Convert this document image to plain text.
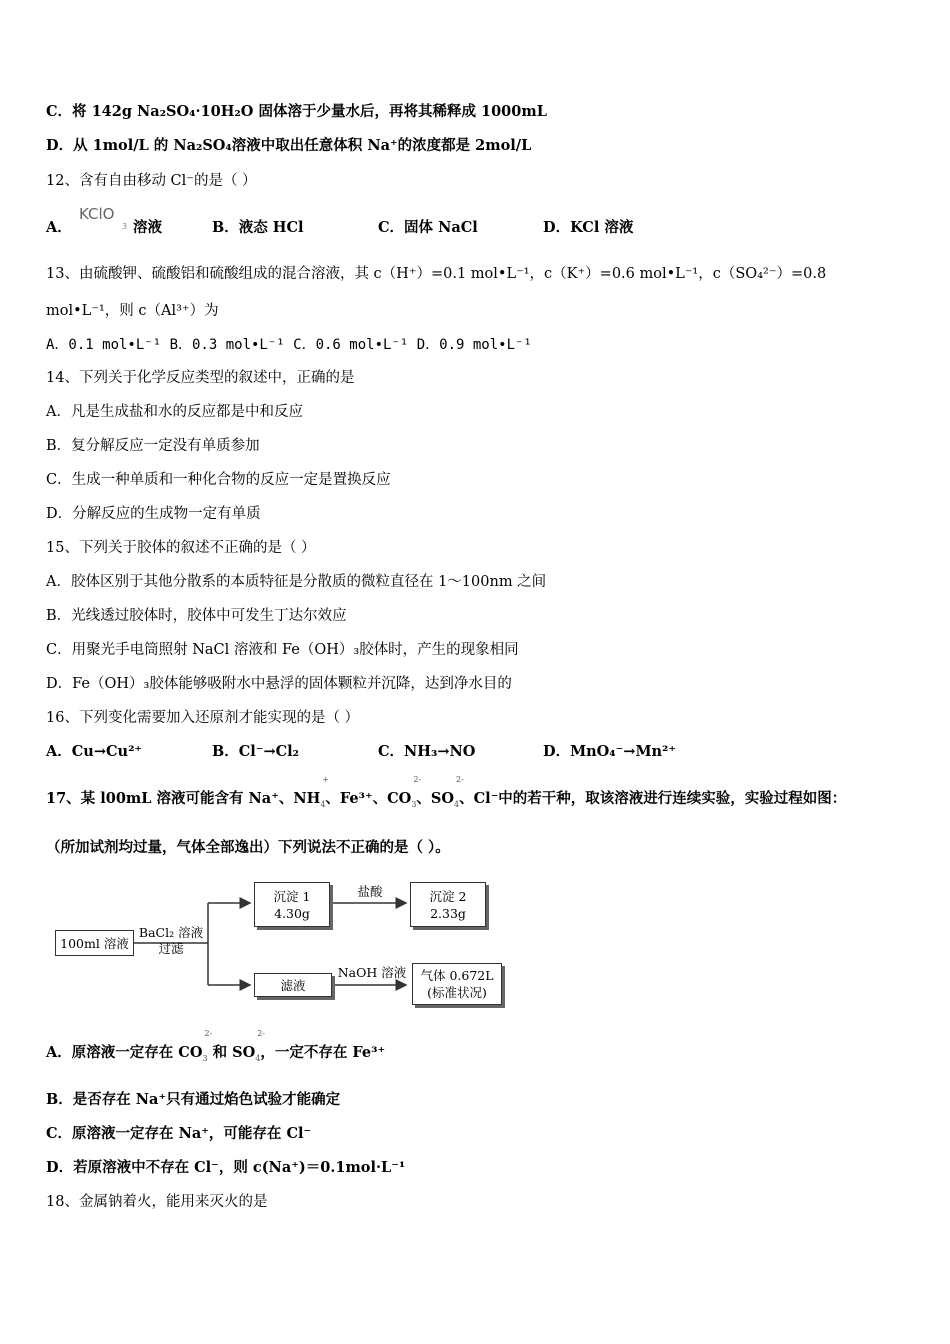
C．将 142g Na₂SO₄·10H₂O 固体溶于少量水后，再将其稀释成 1000mL
D．从 1mol/L 的 Na₂SO₄溶液中取出任意体积 Na⁺的浓度都是 2mol/L
12、含有自由移动 Cl⁻的是（ ）
A．
KClO
3 溶液	B．液态 HCl	C．固体 NaCl	D．KCl 溶液
13、由硫酸钾、硫酸铝和硫酸组成的混合溶液，其 c（H⁺）=0.1 mol•L⁻¹，c（K⁺）=0.6 mol•L⁻¹，c（SO₄²⁻）=0.8
mol•L⁻¹，则 c（Al³⁺）为
A．0.1 mol•L⁻¹ B．0.3 mol•L⁻¹ C．0.6 mol•L⁻¹ D．0.9 mol•L⁻¹
14、下列关于化学反应类型的叙述中，正确的是
A．凡是生成盐和水的反应都是中和反应
B．复分解反应一定没有单质参加
C．生成一种单质和一种化合物的反应一定是置换反应
D．分解反应的生成物一定有单质
15、下列关于胶体的叙述不正确的是（ ）
A．胶体区别于其他分散系的本质特征是分散质的微粒直径在 1～100nm 之间
B．光线透过胶体时，胶体中可发生丁达尔效应
C．用聚光手电筒照射 NaCl 溶液和 Fe（OH）₃胶体时，产生的现象相同
D．Fe（OH）₃胶体能够吸附水中悬浮的固体颗粒并沉降，达到净水目的
16、下列变化需要加入还原剂才能实现的是（ ）
A．Cu→Cu²⁺	B．Cl⁻→Cl₂	C．NH₃→NO	D．MnO₄⁻→Mn²⁺
17、某 l00mL 溶液可能含有 Na⁺、NH
+
$_4$、Fe³⁺、CO
2-
$_3$、SO
2-
$_4$、Cl⁻中的若干种，取该溶液进行连续实验，实验过程如图：
（所加试剂均过量，气体全部逸出）下列说法不正确的是（ ）。
100ml 溶液
BaCl₂ 溶液
过滤
沉淀 1
4.30g
盐酸	沉淀 2
2.33g
滤液
NaOH 溶液 气体 0.672L
(标准状况)
A．原溶液一定存在 CO
2-
$_3$ 和 SO
2-
$_4$，一定不存在 Fe³⁺
B．是否存在 Na⁺只有通过焰色试验才能确定
C．原溶液一定存在 Na⁺，可能存在 Cl⁻
D．若原溶液中不存在 Cl⁻，则 c(Na⁺)＝0.1mol·L⁻¹
18、金属钠着火，能用来灭火的是
